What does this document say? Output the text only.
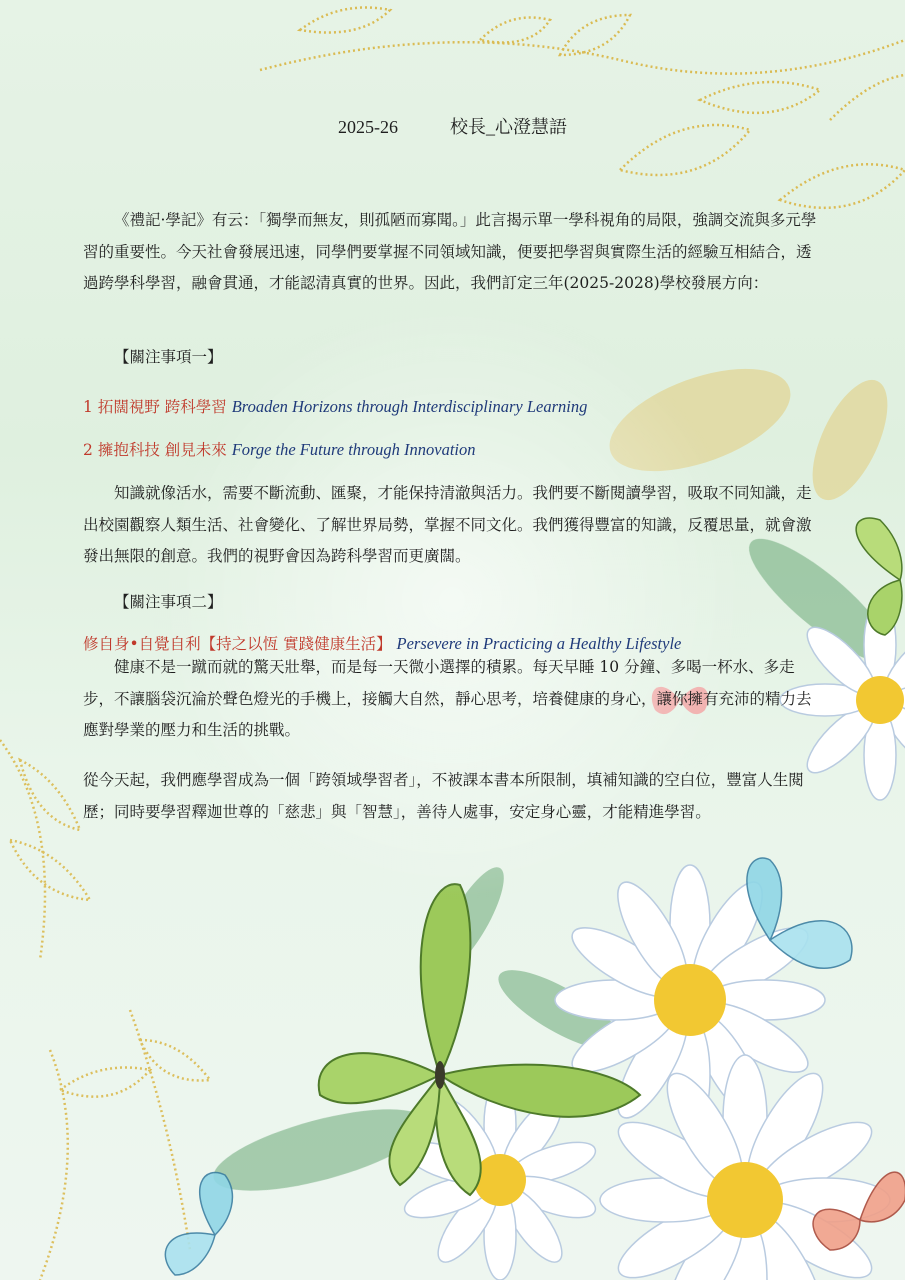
2025-26	校長_心澄慧語

《禮記·學記》有云：「獨學而無友，則孤陋而寡聞。」此言揭示單一學科視角的局限，強調交流與多元學習的重要性。今天社會發展迅速，同學們要掌握不同領域知識，便要把學習與實際生活的經驗互相結合，透過跨學科學習，融會貫通，才能認清真實的世界。因此，我們訂定三年(2025-2028)學校發展方向：

【關注事項一】

1 拓闊視野 跨科學習 Broaden Horizons through Interdisciplinary Learning

2 擁抱科技 創見未來 Forge the Future through Innovation

知識就像活水，需要不斷流動、匯聚，才能保持清澈與活力。我們要不斷閱讀學習，吸取不同知識，走出校園觀察人類生活、社會變化、了解世界局勢，掌握不同文化。我們獲得豐富的知識，反覆思量，就會激發出無限的創意。我們的視野會因為跨科學習而更廣闊。

【關注事項二】

修自身•自覺自利【持之以恆 實踐健康生活】 Persevere in Practicing a Healthy Lifestyle

健康不是一蹴而就的驚天壯舉，而是每一天微小選擇的積累。每天早睡 10 分鐘、多喝一杯水、多走步，不讓腦袋沉淪於聲色燈光的手機上，接觸大自然，靜心思考，培養健康的身心，讓你擁有充沛的精力去應對學業的壓力和生活的挑戰。

從今天起，我們應學習成為一個「跨領域學習者」，不被課本書本所限制，填補知識的空白位，豐富人生閱歷；同時要學習釋迦世尊的「慈悲」與「智慧」，善待人處事，安定身心靈，才能精進學習。
